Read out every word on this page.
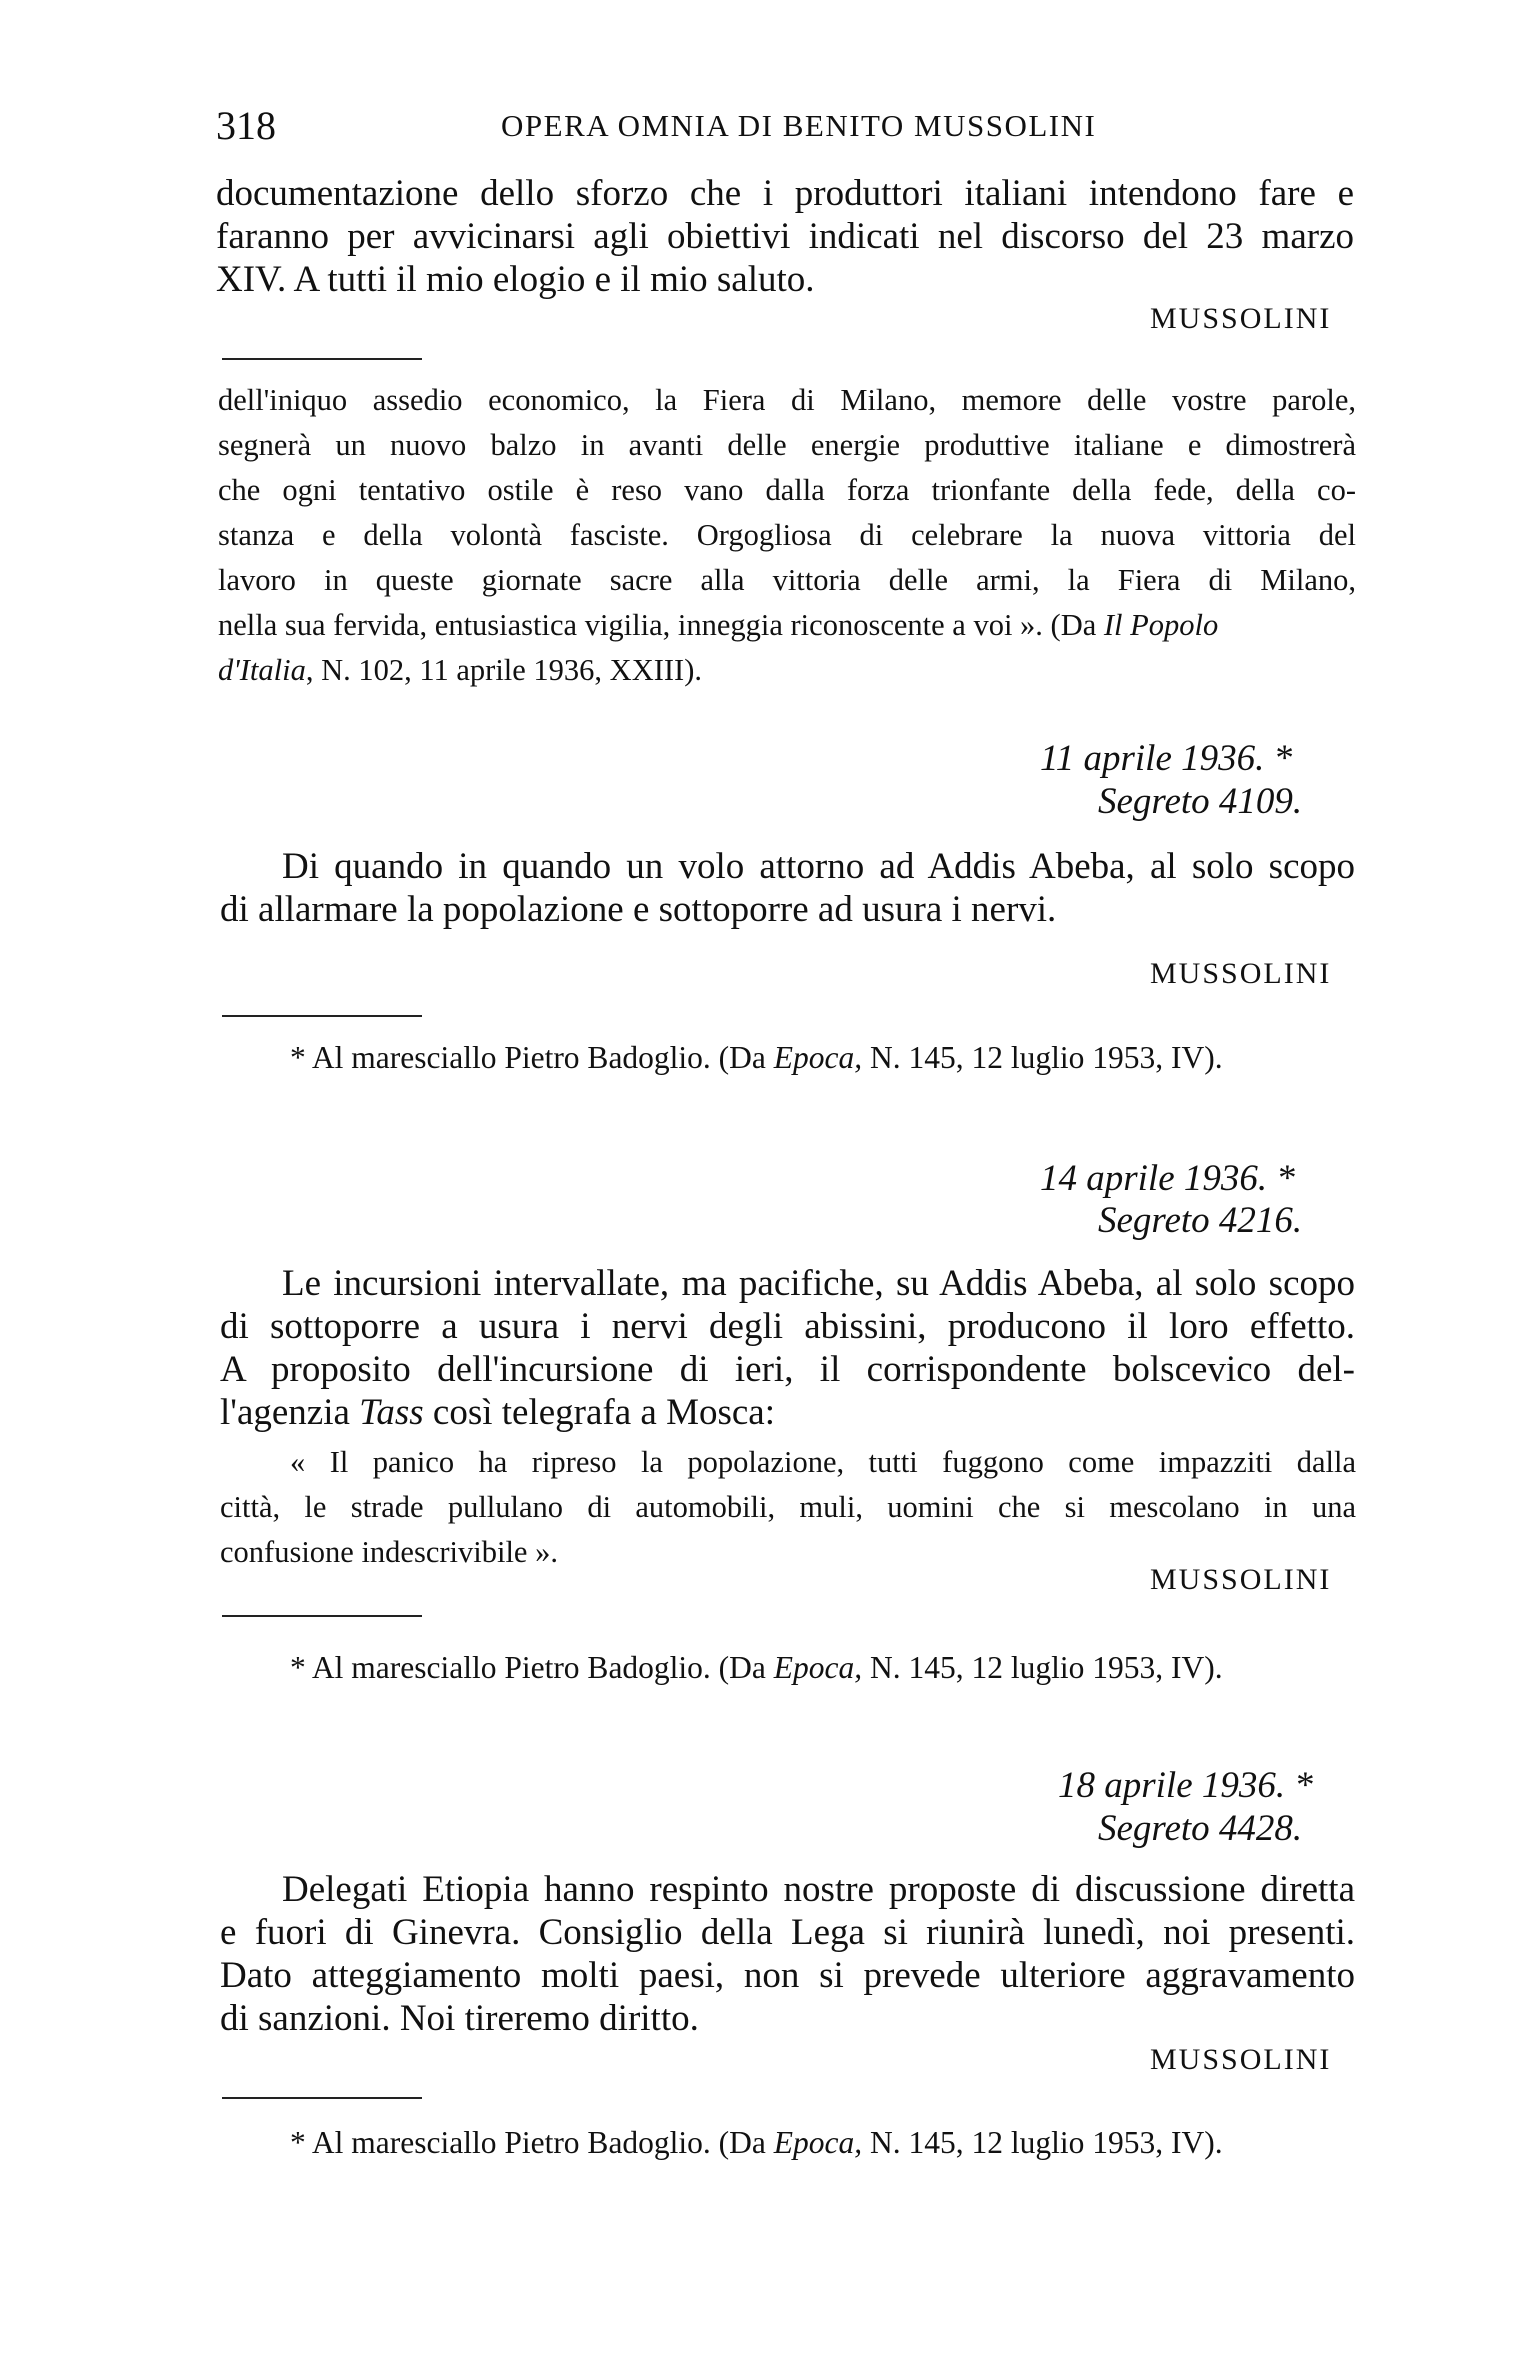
318	OPERA OMNIA DI BENITO MUSSOLINI
documentazione dello sforzo che i produttori italiani intendono fare e
faranno per avvicinarsi agli obiettivi indicati nel discorso del 23 marzo
XIV. A tutti il mio elogio e il mio saluto.
MUSSOLINI
dell'iniquo assedio economico, la Fiera di Milano, memore delle vostre parole,
segnerà un nuovo balzo in avanti delle energie produttive italiane e dimostrerà
che ogni tentativo ostile è reso vano dalla forza trionfante della fede, della co-
stanza e della volontà fasciste. Orgogliosa di celebrare la nuova vittoria del
lavoro in queste giornate sacre alla vittoria delle armi, la Fiera di Milano,
nella sua fervida, entusiastica vigilia, inneggia riconoscente a voi ». (Da Il Popolo
d'Italia, N. 102, 11 aprile 1936, XXIII).
11 aprile 1936. *
Segreto 4109.
Di quando in quando un volo attorno ad Addis Abeba, al solo scopo
di allarmare la popolazione e sottoporre ad usura i nervi.
MUSSOLINI
* Al maresciallo Pietro Badoglio. (Da Epoca, N. 145, 12 luglio 1953, IV).
14 aprile 1936. *
Segreto 4216.
Le incursioni intervallate, ma pacifiche, su Addis Abeba, al solo scopo
di sottoporre a usura i nervi degli abissini, producono il loro effetto.
A proposito dell'incursione di ieri, il corrispondente bolscevico del-
l'agenzia Tass così telegrafa a Mosca:
« Il panico ha ripreso la popolazione, tutti fuggono come impazziti dalla
città, le strade pullulano di automobili, muli, uomini che si mescolano in una
confusione indescrivibile ».
MUSSOLINI
* Al maresciallo Pietro Badoglio. (Da Epoca, N. 145, 12 luglio 1953, IV).
18 aprile 1936. *
Segreto 4428.
Delegati Etiopia hanno respinto nostre proposte di discussione diretta
e fuori di Ginevra. Consiglio della Lega si riunirà lunedì, noi presenti.
Dato atteggiamento molti paesi, non si prevede ulteriore aggravamento
di sanzioni. Noi tireremo diritto.
MUSSOLINI
* Al maresciallo Pietro Badoglio. (Da Epoca, N. 145, 12 luglio 1953, IV).
